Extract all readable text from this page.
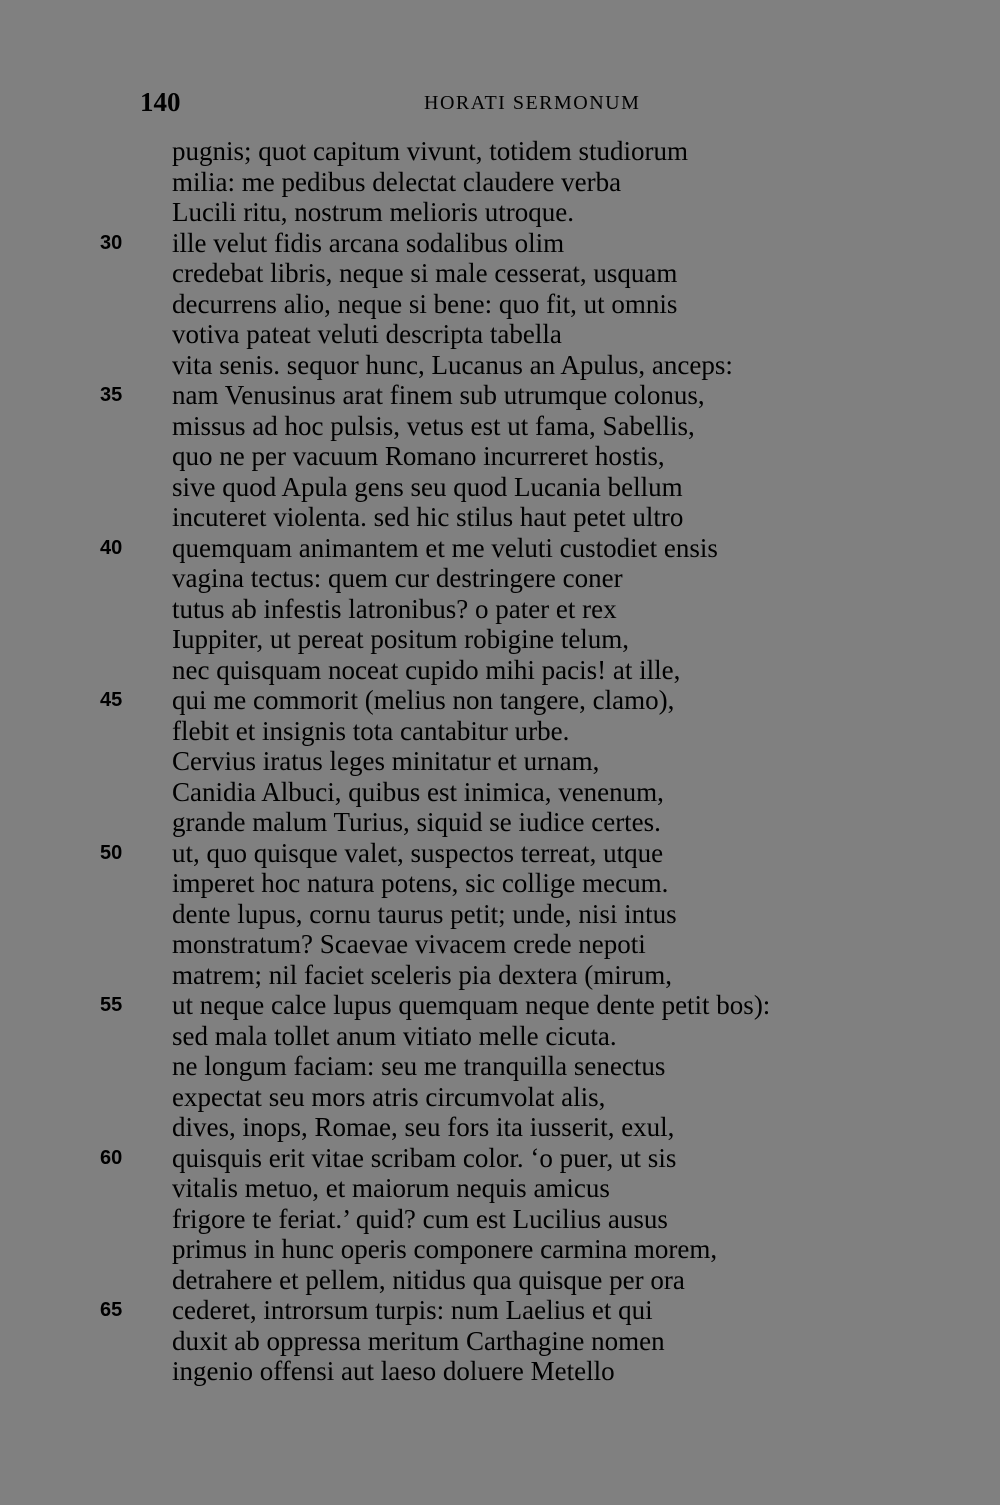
140	HORATI SERMONUM
pugnis; quot capitum vivunt, totidem studiorum
milia: me pedibus delectat claudere verba
Lucili ritu, nostrum melioris utroque.
30 ille velut fidis arcana sodalibus olim
credebat libris, neque si male cesserat, usquam
decurrens alio, neque si bene: quo fit, ut omnis
votiva pateat veluti descripta tabella
vita senis. sequor hunc, Lucanus an Apulus, anceps:
35 nam Venusinus arat finem sub utrumque colonus,
missus ad hoc pulsis, vetus est ut fama, Sabellis,
quo ne per vacuum Romano incurreret hostis,
sive quod Apula gens seu quod Lucania bellum
incuteret violenta. sed hic stilus haut petet ultro
40 quemquam animantem et me veluti custodiet ensis
vagina tectus: quem cur destringere coner
tutus ab infestis latronibus? o pater et rex
Iuppiter, ut pereat positum robigine telum,
nec quisquam noceat cupido mihi pacis! at ille,
45 qui me commorit (melius non tangere, clamo),
flebit et insignis tota cantabitur urbe.
Cervius iratus leges minitatur et urnam,
Canidia Albuci, quibus est inimica, venenum,
grande malum Turius, siquid se iudice certes.
50 ut, quo quisque valet, suspectos terreat, utque
imperet hoc natura potens, sic collige mecum.
dente lupus, cornu taurus petit; unde, nisi intus
monstratum? Scaevae vivacem crede nepoti
matrem; nil faciet sceleris pia dextera (mirum,
55 ut neque calce lupus quemquam neque dente petit bos):
sed mala tollet anum vitiato melle cicuta.
ne longum faciam: seu me tranquilla senectus
expectat seu mors atris circumvolat alis,
dives, inops, Romae, seu fors ita iusserit, exul,
60 quisquis erit vitae scribam color. ‘o puer, ut sis
vitalis metuo, et maiorum nequis amicus
frigore te feriat.’ quid? cum est Lucilius ausus
primus in hunc operis componere carmina morem,
detrahere et pellem, nitidus qua quisque per ora
65 cederet, introrsum turpis: num Laelius et qui
duxit ab oppressa meritum Carthagine nomen
ingenio offensi aut laeso doluere Metello
